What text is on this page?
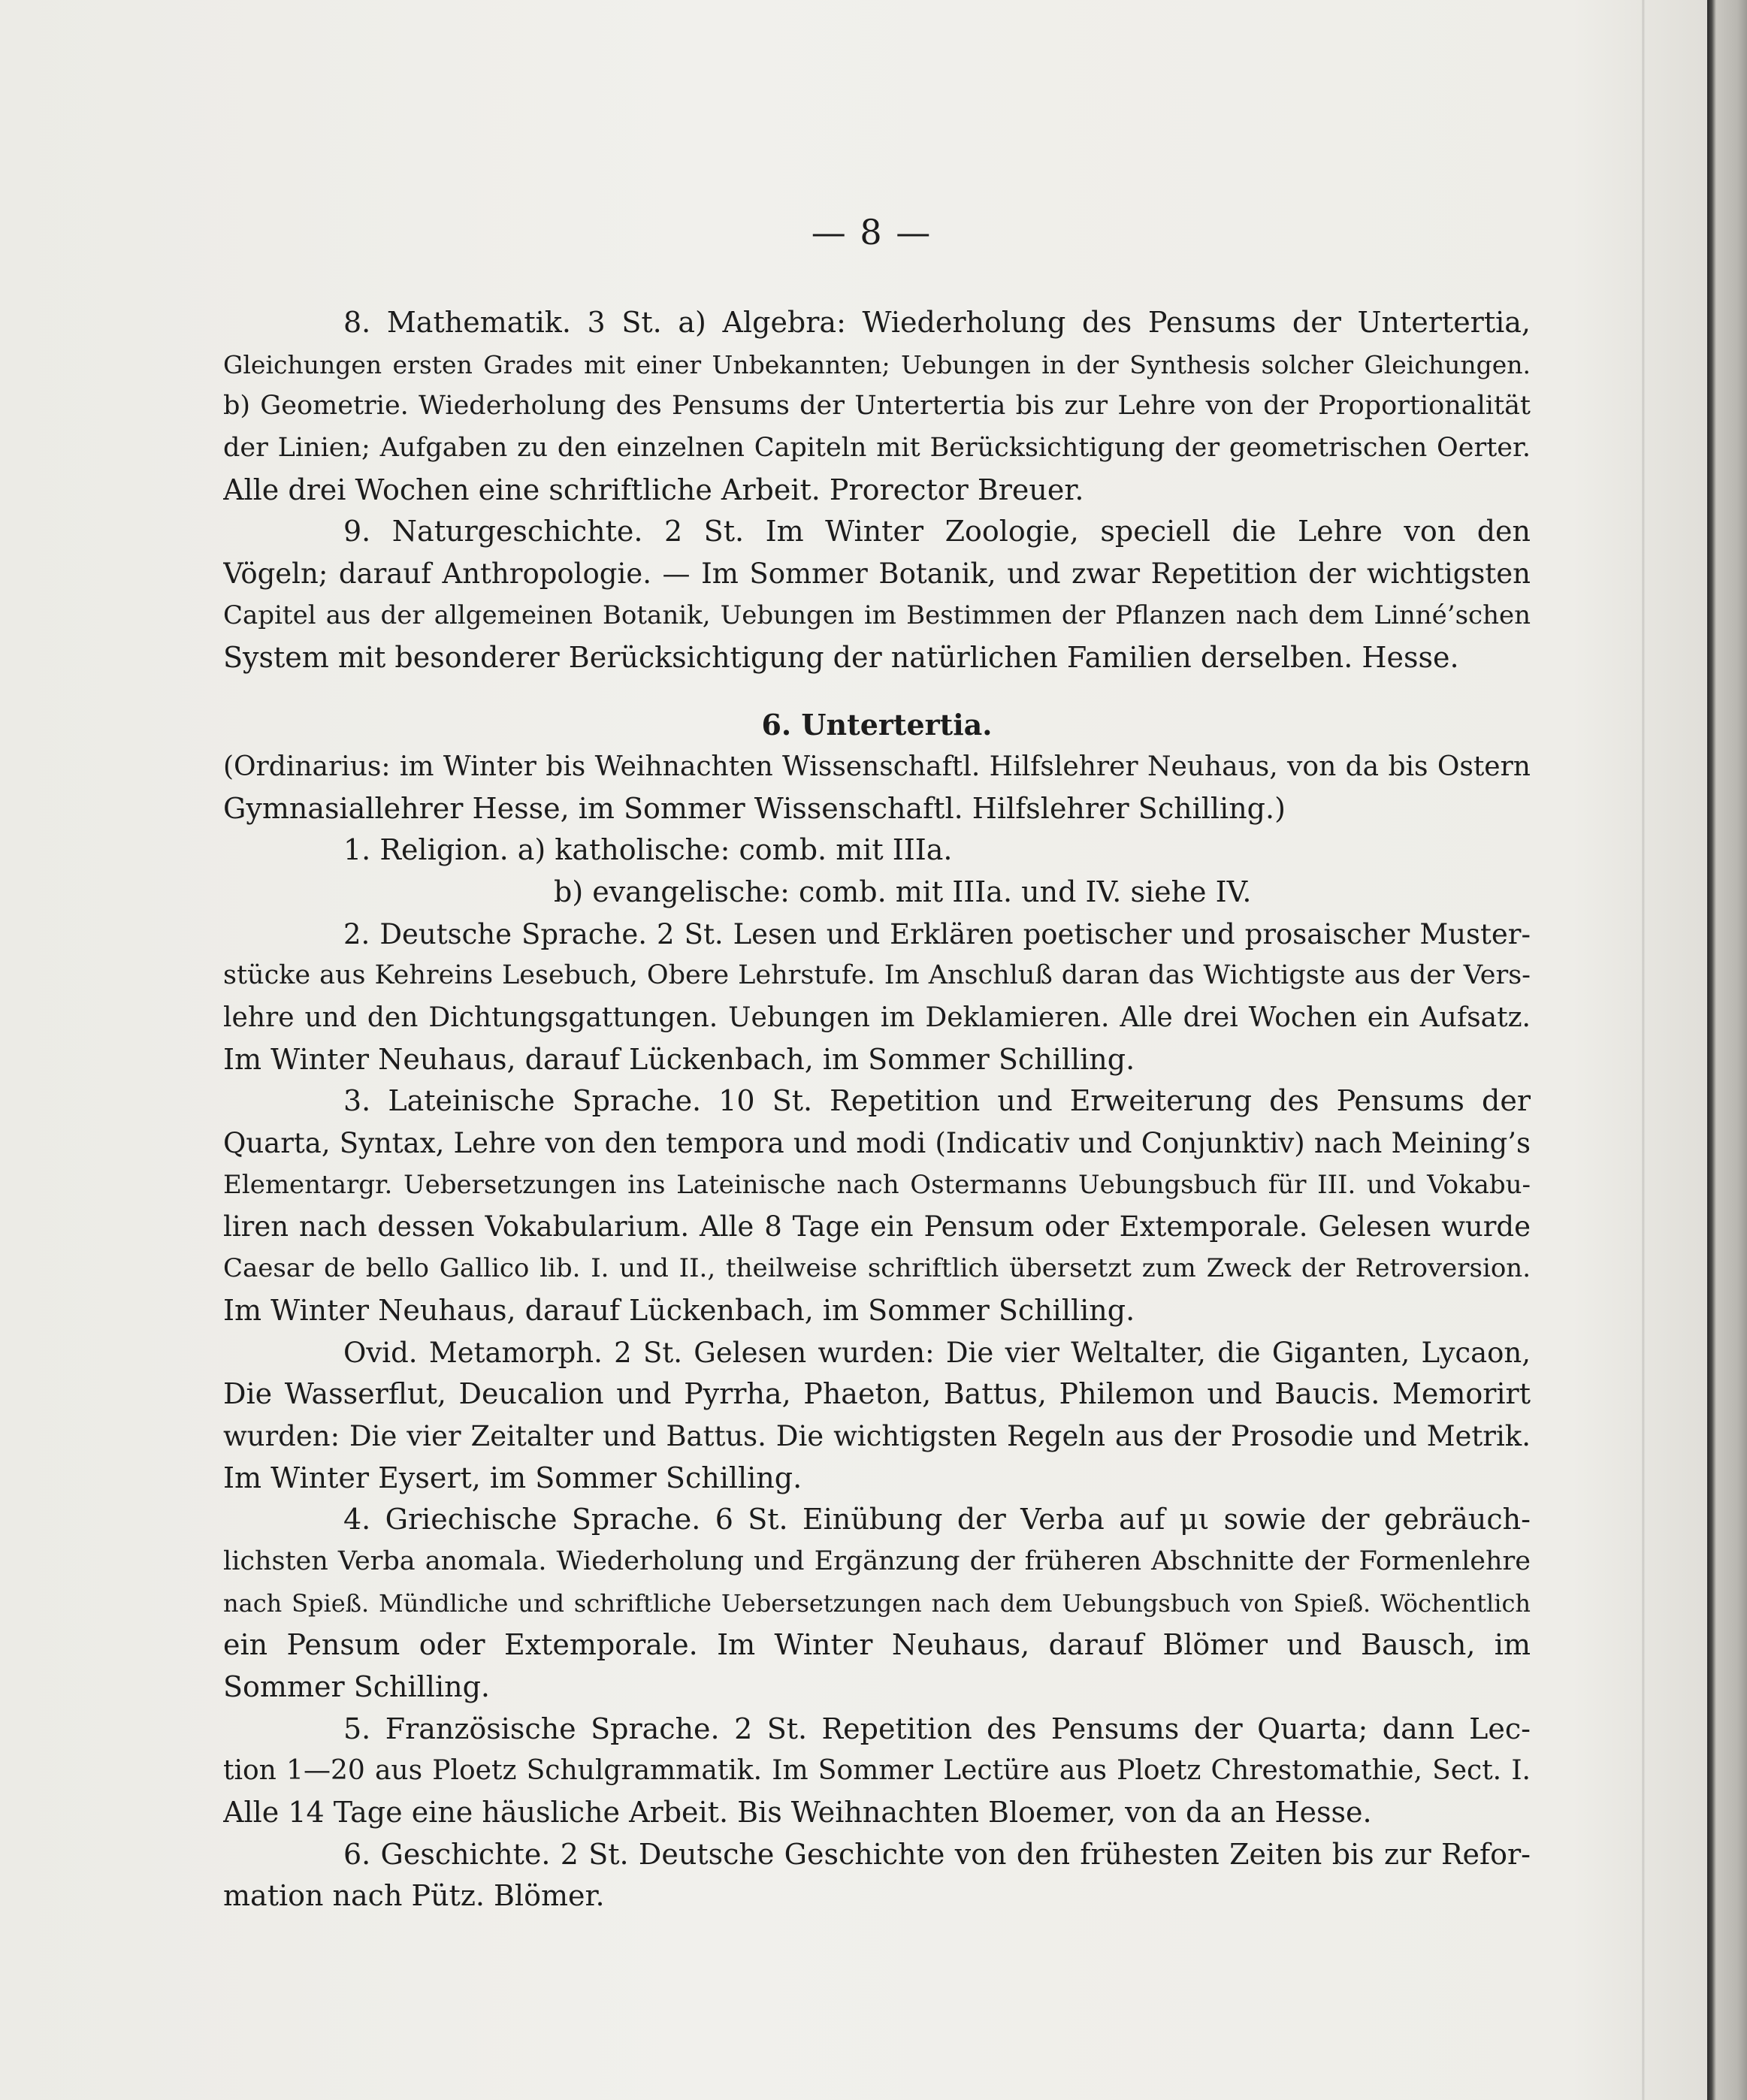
— 8 —
8. Mathematik. 3 St. a) Algebra: Wiederholung des Pensums der Untertertia,
Gleichungen ersten Grades mit einer Unbekannten; Uebungen in der Synthesis solcher Gleichungen.
b) Geometrie. Wiederholung des Pensums der Untertertia bis zur Lehre von der Proportionalität
der Linien; Aufgaben zu den einzelnen Capiteln mit Berücksichtigung der geometrischen Oerter.
Alle drei Wochen eine schriftliche Arbeit. Prorector Breuer.
9. Naturgeschichte. 2 St. Im Winter Zoologie, speciell die Lehre von den
Vögeln; darauf Anthropologie. — Im Sommer Botanik, und zwar Repetition der wichtigsten
Capitel aus der allgemeinen Botanik, Uebungen im Bestimmen der Pflanzen nach dem Linné’schen
System mit besonderer Berücksichtigung der natürlichen Familien derselben. Hesse.
6. Untertertia.
(Ordinarius: im Winter bis Weihnachten Wissenschaftl. Hilfslehrer Neuhaus, von da bis Ostern
Gymnasiallehrer Hesse, im Sommer Wissenschaftl. Hilfslehrer Schilling.)
1. Religion. a) katholische: comb. mit IIIa.
b) evangelische: comb. mit IIIa. und IV. siehe IV.
2. Deutsche Sprache. 2 St. Lesen und Erklären poetischer und prosaischer Muster-
stücke aus Kehreins Lesebuch, Obere Lehrstufe. Im Anschluß daran das Wichtigste aus der Vers-
lehre und den Dichtungsgattungen. Uebungen im Deklamieren. Alle drei Wochen ein Aufsatz.
Im Winter Neuhaus, darauf Lückenbach, im Sommer Schilling.
3. Lateinische Sprache. 10 St. Repetition und Erweiterung des Pensums der
Quarta, Syntax, Lehre von den tempora und modi (Indicativ und Conjunktiv) nach Meining’s
Elementargr. Uebersetzungen ins Lateinische nach Ostermanns Uebungsbuch für III. und Vokabu-
liren nach dessen Vokabularium. Alle 8 Tage ein Pensum oder Extemporale. Gelesen wurde
Caesar de bello Gallico lib. I. und II., theilweise schriftlich übersetzt zum Zweck der Retroversion.
Im Winter Neuhaus, darauf Lückenbach, im Sommer Schilling.
Ovid. Metamorph. 2 St. Gelesen wurden: Die vier Weltalter, die Giganten, Lycaon,
Die Wasserflut, Deucalion und Pyrrha, Phaeton, Battus, Philemon und Baucis. Memorirt
wurden: Die vier Zeitalter und Battus. Die wichtigsten Regeln aus der Prosodie und Metrik.
Im Winter Eysert, im Sommer Schilling.
4. Griechische Sprache. 6 St. Einübung der Verba auf μι sowie der gebräuch-
lichsten Verba anomala. Wiederholung und Ergänzung der früheren Abschnitte der Formenlehre
nach Spieß. Mündliche und schriftliche Uebersetzungen nach dem Uebungsbuch von Spieß. Wöchentlich
ein Pensum oder Extemporale. Im Winter Neuhaus, darauf Blömer und Bausch, im
Sommer Schilling.
5. Französische Sprache. 2 St. Repetition des Pensums der Quarta; dann Lec-
tion 1—20 aus Ploetz Schulgrammatik. Im Sommer Lectüre aus Ploetz Chrestomathie, Sect. I.
Alle 14 Tage eine häusliche Arbeit. Bis Weihnachten Bloemer, von da an Hesse.
6. Geschichte. 2 St. Deutsche Geschichte von den frühesten Zeiten bis zur Refor-
mation nach Pütz. Blömer.
